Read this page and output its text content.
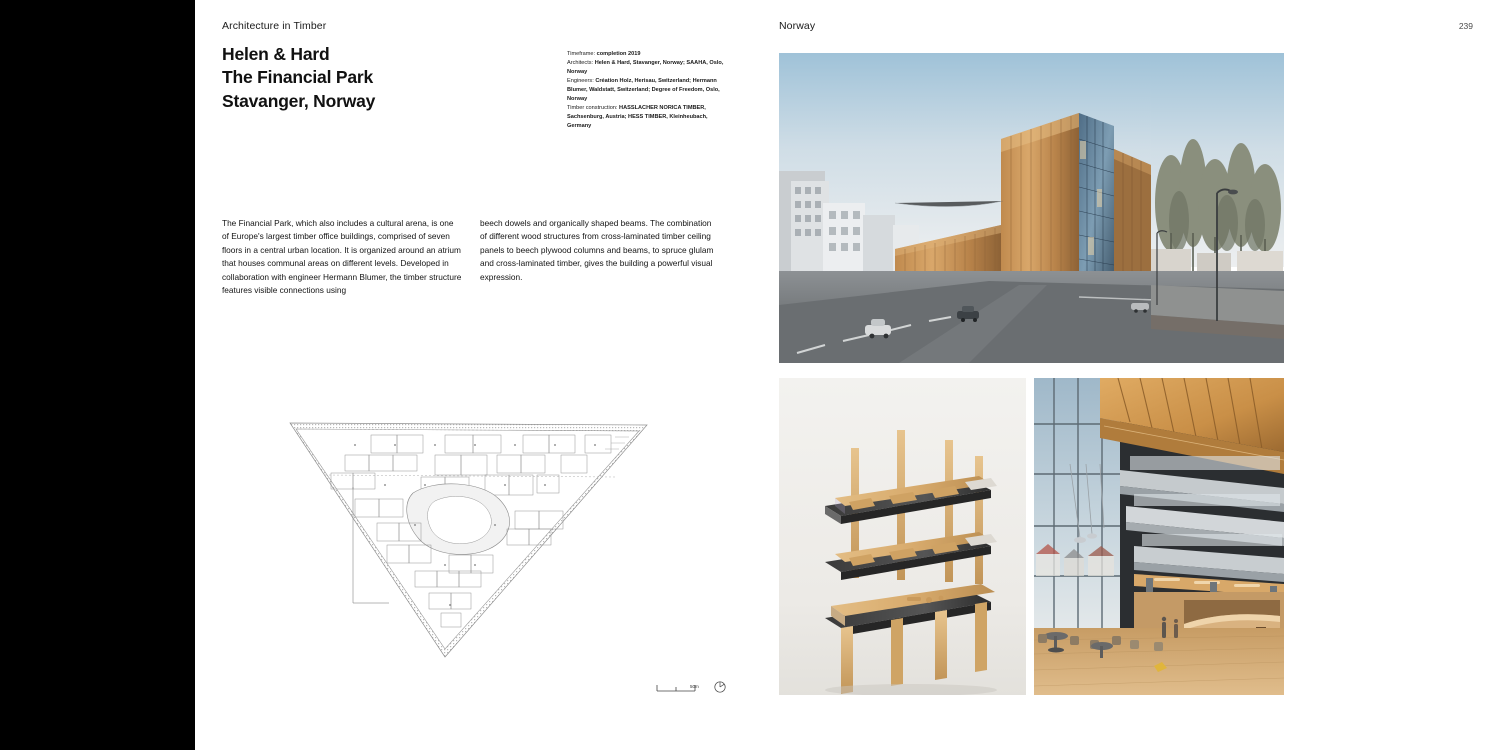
Architecture in Timber	Norway	239
Helen & Hard
The Financial Park
Stavanger, Norway
Timeframe: completion 2019
Architects: Helen & Hard, Stavanger, Norway; SAAHA, Oslo, Norway
Engineers: Création Holz, Herisau, Switzerland; Hermann Blumer, Waldstatt, Switzerland; Degree of Freedom, Oslo, Norway
Timber construction: HASSLACHER NORICA TIMBER, Sachsenburg, Austria; HESS TIMBER, Kleinheubach, Germany

The Financial Park, which also includes a cultural arena, is one of Europe's largest timber office buildings, comprised of seven floors in a central urban location. It is organized around an atrium that houses communal areas on different levels. Developed in collaboration with engineer Hermann Blumer, the timber structure features visible connections using

beech dowels and organically shaped beams. The combination of different wood structures from cross-laminated timber ceiling panels to beech plywood columns and beams, to spruce glulam and cross-laminated timber, gives the building a powerful visual expression.

50m
